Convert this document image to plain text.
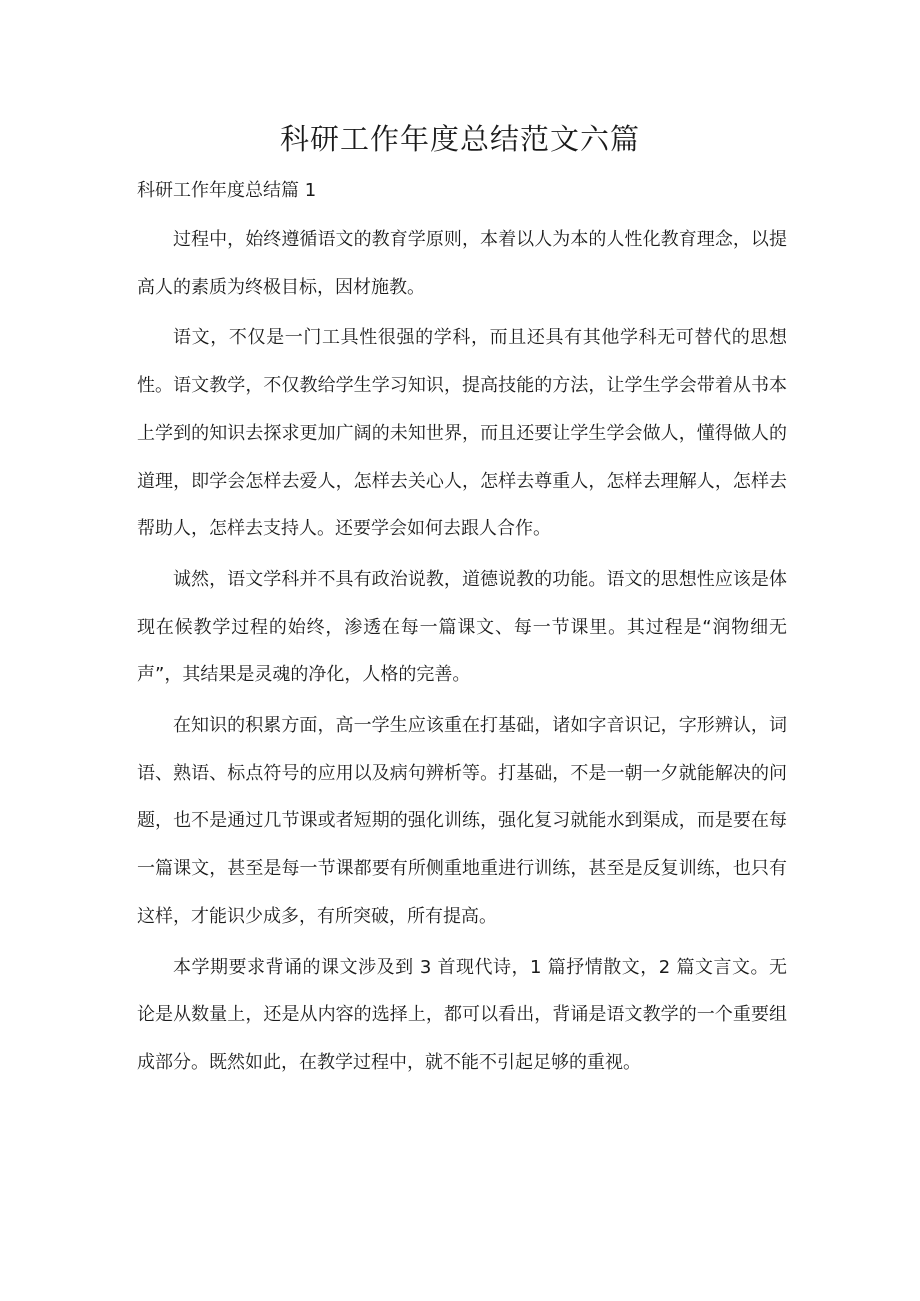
科研工作年度总结范文六篇
科研工作年度总结篇 1

过程中，始终遵循语文的教育学原则，本着以人为本的人性化教育理念，以提高人的素质为终极目标，因材施教。

语文，不仅是一门工具性很强的学科，而且还具有其他学科无可替代的思想性。语文教学，不仅教给学生学习知识，提高技能的方法，让学生学会带着从书本上学到的知识去探求更加广阔的未知世界，而且还要让学生学会做人，懂得做人的道理，即学会怎样去爱人，怎样去关心人，怎样去尊重人，怎样去理解人，怎样去帮助人，怎样去支持人。还要学会如何去跟人合作。

诚然，语文学科并不具有政治说教，道德说教的功能。语文的思想性应该是体现在候教学过程的始终，渗透在每一篇课文、每一节课里。其过程是“润物细无声”，其结果是灵魂的净化，人格的完善。

在知识的积累方面，高一学生应该重在打基础，诸如字音识记，字形辨认，词语、熟语、标点符号的应用以及病句辨析等。打基础，不是一朝一夕就能解决的问题，也不是通过几节课或者短期的强化训练，强化复习就能水到渠成，而是要在每一篇课文，甚至是每一节课都要有所侧重地重进行训练，甚至是反复训练，也只有这样，才能识少成多，有所突破，所有提高。

本学期要求背诵的课文涉及到 3 首现代诗，1 篇抒情散文，2 篇文言文。无论是从数量上，还是从内容的选择上，都可以看出，背诵是语文教学的一个重要组成部分。既然如此，在教学过程中，就不能不引起足够的重视。
